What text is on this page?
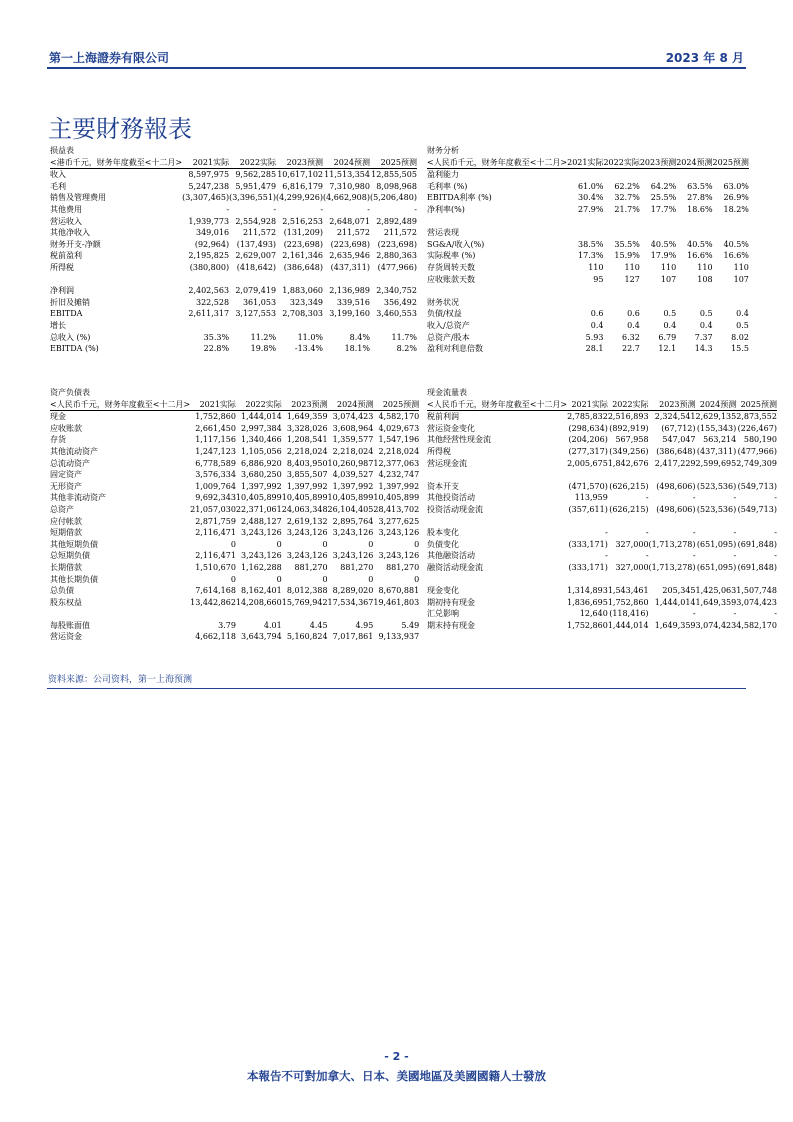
第一上海證券有限公司	2023 年 8 月
主要財務報表
损益表
<港币千元，财务年度截至<十二月>	2021实际	2022实际	2023预测	2024预测	2025预测
收入	8,597,975	9,562,285	10,617,102	11,513,354	12,855,505
毛利	5,247,238	5,951,479	6,816,179	7,310,980	8,098,968
销售及管理费用	(3,307,465)	(3,396,551)	(4,299,926)	(4,662,908)	(5,206,480)
其他费用	-	-	-	-	-
营运收入	1,939,773	2,554,928	2,516,253	2,648,071	2,892,489
其他净收入	349,016	211,572	(131,209)	211,572	211,572
财务开支-净额	(92,964)	(137,493)	(223,698)	(223,698)	(223,698)
税前盈利	2,195,825	2,629,007	2,161,346	2,635,946	2,880,363
所得税	(380,800)	(418,642)	(386,648)	(437,311)	(477,966)

净利润	2,402,563	2,079,419	1,883,060	2,136,989	2,340,752
折旧及摊销	322,528	361,053	323,349	339,516	356,492
EBITDA	2,611,317	3,127,553	2,708,303	3,199,160	3,460,553
增长					
总收入 (%)	35.3%	11.2%	11.0%	8.4%	11.7%
EBITDA (%)	22.8%	19.8%	-13.4%	18.1%	8.2%
财务分析
<人民币千元，财务年度截至<十二月>	2021实际	2022实际	2023预测	2024预测	2025预测
盈利能力					
毛利率 (%)	61.0%	62.2%	64.2%	63.5%	63.0%
EBITDA利率 (%)	30.4%	32.7%	25.5%	27.8%	26.9%
净利率(%)	27.9%	21.7%	17.7%	18.6%	18.2%

营运表现					
SG&A/收入(%)	38.5%	35.5%	40.5%	40.5%	40.5%
实际税率 (%)	17.3%	15.9%	17.9%	16.6%	16.6%
存货周转天数	110	110	110	110	110
应收账款天数	95	127	107	108	107

财务状况					
负债/权益	0.6	0.6	0.5	0.5	0.4
收入/总资产	0.4	0.4	0.4	0.4	0.5
总资产/股本	5.93	6.32	6.79	7.37	8.02
盈利对利息倍数	28.1	22.7	12.1	14.3	15.5
资产负债表
<人民币千元，财务年度截至<十二月>	2021实际	2022实际	2023预测	2024预测	2025预测
现金	1,752,860	1,444,014	1,649,359	3,074,423	4,582,170
应收账款	2,661,450	2,997,384	3,328,026	3,608,964	4,029,673
存货	1,117,156	1,340,466	1,208,541	1,359,577	1,547,196
其他流动资产	1,247,123	1,105,056	2,218,024	2,218,024	2,218,024
总流动资产	6,778,589	6,886,920	8,403,950	10,260,987	12,377,063
固定资产	3,576,334	3,680,250	3,855,507	4,039,527	4,232,747
无形资产	1,009,764	1,397,992	1,397,992	1,397,992	1,397,992
其他非流动资产	9,692,343	10,405,899	10,405,899	10,405,899	10,405,899
总资产	21,057,030	22,371,061	24,063,348	26,104,405	28,413,702
应付帐款	2,871,759	2,488,127	2,619,132	2,895,764	3,277,625
短期借款	2,116,471	3,243,126	3,243,126	3,243,126	3,243,126
其他短期负债	0	0	0	0	0
总短期负债	2,116,471	3,243,126	3,243,126	3,243,126	3,243,126
长期借款	1,510,670	1,162,288	881,270	881,270	881,270
其他长期负债	0	0	0	0	0
总负债	7,614,168	8,162,401	8,012,388	8,289,020	8,670,881
股东权益	13,442,862	14,208,660	15,769,942	17,534,367	19,461,803

每股账面值	3.79	4.01	4.45	4.95	5.49
营运资金	4,662,118	3,643,794	5,160,824	7,017,861	9,133,937
现金流量表
<人民币千元，财务年度截至<十二月>	2021实际	2022实际	2023预测	2024预测	2025预测
税前利润	2,785,832	2,516,893	2,324,541	2,629,135	2,873,552
营运资金变化	(298,634)	(892,919)	(67,712)	(155,343)	(226,467)
其他经营性现金流	(204,206)	567,958	547,047	563,214	580,190
所得税	(277,317)	(349,256)	(386,648)	(437,311)	(477,966)
营运现金流	2,005,675	1,842,676	2,417,229	2,599,695	2,749,309

资本开支	(471,570)	(626,215)	(498,606)	(523,536)	(549,713)
其他投资活动	113,959	-	-	-	-
投资活动现金流	(357,611)	(626,215)	(498,606)	(523,536)	(549,713)

股本变化	-	-	-	-	-
负债变化	(333,171)	327,000	(1,713,278)	(651,095)	(691,848)
其他融资活动	-	-	-	-	-
融资活动现金流	(333,171)	327,000	(1,713,278)	(651,095)	(691,848)

现金变化	1,314,893	1,543,461	205,345	1,425,063	1,507,748
期初持有现金	1,836,695	1,752,860	1,444,014	1,649,359	3,074,423
汇兑影响	12,640	(118,416)	-	-	-
期末持有现金	1,752,860	1,444,014	1,649,359	3,074,423	4,582,170
资料来源：公司资料，第一上海预测
- 2 -
本報告不可對加拿大、日本、美國地區及美國國籍人士發放
